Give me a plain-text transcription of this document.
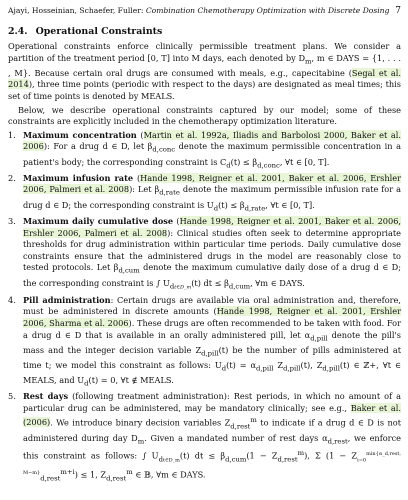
Ajayi, Hosseinian, Schaefer, Fuller: Combination Chemotherapy Optimization with Discrete Dosing 7
2.4. Operational Constraints

Operational constraints enforce clinically permissible treatment plans. We consider a partition of the treatment period [0, T] into M days, each denoted by $D_m$, m ∈ DAYS = {1, . . . , M}. Because certain oral drugs are consumed with meals, e.g., capecitabine (Segal et al. 2014), three time points (periodic with respect to the days) are designated as meal times; this set of time points is denoted by MEALS.

Below, we describe operational constraints captured by our model; some of these constraints are explicitly included in the chemotherapy optimization literature.

1. Maximum concentration (Martin et al. 1992a, Iliadis and Barbolosi 2000, Baker et al. 2006): For a drug d ∈ D, let $\beta_{d,conc}$ denote the maximum permissible concentration in a patient's body; the corresponding constraint is $C_d(t) \le \beta_{d,conc}$, ∀t ∈ [0, T].
2. Maximum infusion rate (Hande 1998, Reigner et al. 2001, Baker et al. 2006, Ershler 2006, Palmeri et al. 2008): Let $\beta_{d,rate}$ denote the maximum permissible infusion rate for a drug d ∈ D; the corresponding constraint is $U_d(t) \le \beta_{d,rate}$, ∀t ∈ [0, T].
3. Maximum daily cumulative dose (Hande 1998, Reigner et al. 2001, Baker et al. 2006, Ershler 2006, Palmeri et al. 2008): Clinical studies often seek to determine appropriate thresholds for drug administration within particular time periods. Daily cumulative dose constraints ensure that the administered drugs in the model are reasonably close to tested protocols. Let $\beta_{d,cum}$ denote the maximum cumulative daily dose of a drug d ∈ D; the corresponding constraint is ∫ $U_{dt\in D\_m}(t)$ dt ≤ $\beta_{d,cum}$, ∀m ∈ DAYS.
4. Pill administration: Certain drugs are available via oral administration and, therefore, must be administered in discrete amounts (Hande 1998, Reigner et al. 2001, Ershler 2006, Sharma et al. 2006). These drugs are often recommended to be taken with food. For a drug d ∈ D that is available in an orally administered pill, let $\alpha_{d,pill}$ denote the pill's mass and the integer decision variable $Z_{d,pill}(t)$ be the number of pills administered at time t; we model this constraint as follows: $U_d(t) = \alpha_{d,pill}$ $Z_{d,pill}(t)$, $Z_{d,pill}(t)$ ∈ ℤ+, ∀t ∈ MEALS, and $U_d(t) = 0$, ∀t ∉ MEALS.
5. Rest days (following treatment administration): Rest periods, in which no amount of a particular drug can be administered, may be mandatory clinically; see e.g., Baker et al. (2006). We introduce binary decision variables $Z_{d,rest}^m$ to indicate if a drug d ∈ D is not administered during day $D_m$. Given a mandated number of rest days $\alpha_{d,rest}$, we enforce this constraint as follows: ∫ $U_{dt\in D\_m}(t)$ dt ≤ $\beta_{d,cum}(1 - Z_{d,rest}^m)$, Σ $(1 - Z_{i=0}^{min\{\alpha\_d,rest, M-m\}}_{d,rest}^{m+i}) \le 1$, $Z_{d,rest}^m$ ∈ 𝔹, ∀m ∈ DAYS.
